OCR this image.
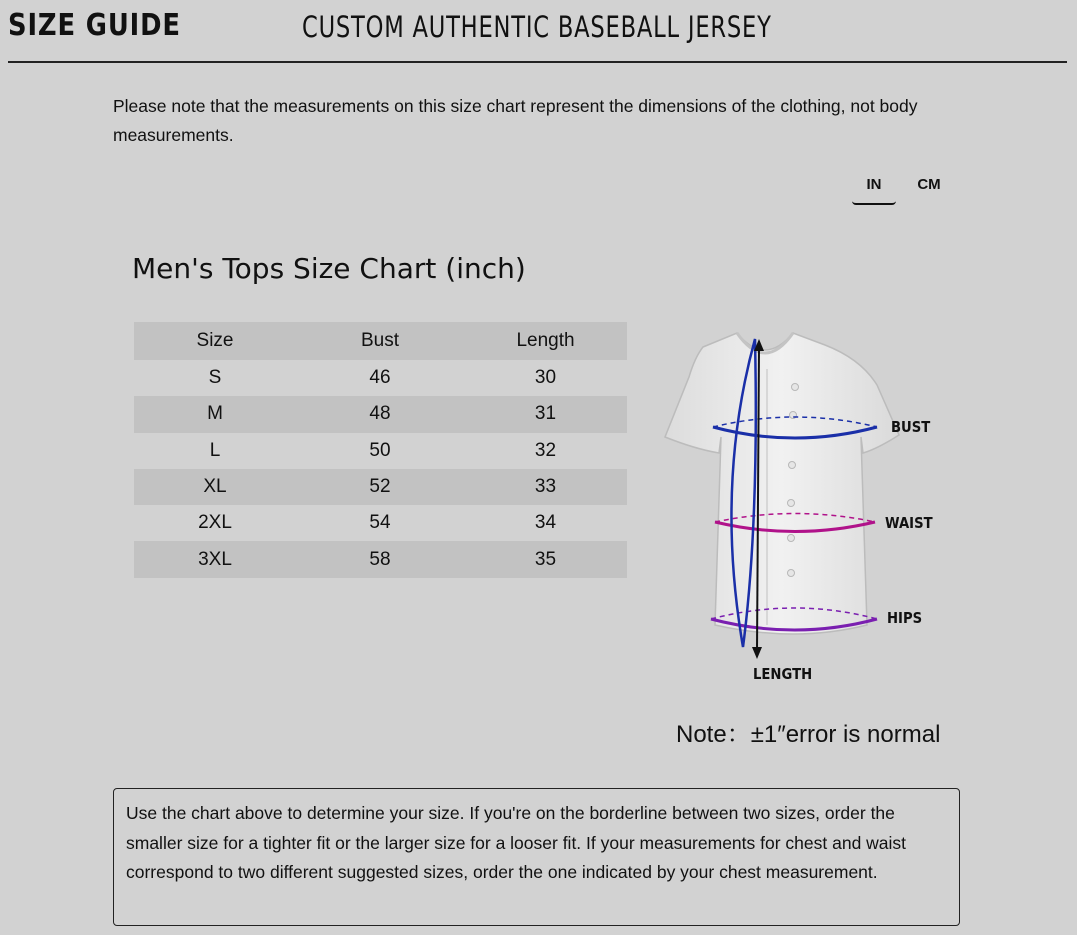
SIZE GUIDE	CUSTOM AUTHENTIC BASEBALL JERSEY
Please note that the measurements on this size chart represent the dimensions of the clothing, not body measurements.
IN	CM
Men's Tops Size Chart (inch)
Size	Bust	Length
S	46	30
M	48	31
L	50	32
XL	52	33
2XL	54	34
3XL	58	35
BUST
WAIST
HIPS
LENGTH
Note：±1″error is normal
Use the chart above to determine your size. If you're on the borderline between two sizes, order the smaller size for a tighter fit or the larger size for a looser fit. If your measurements for chest and waist correspond to two different suggested sizes, order the one indicated by your chest measurement.
